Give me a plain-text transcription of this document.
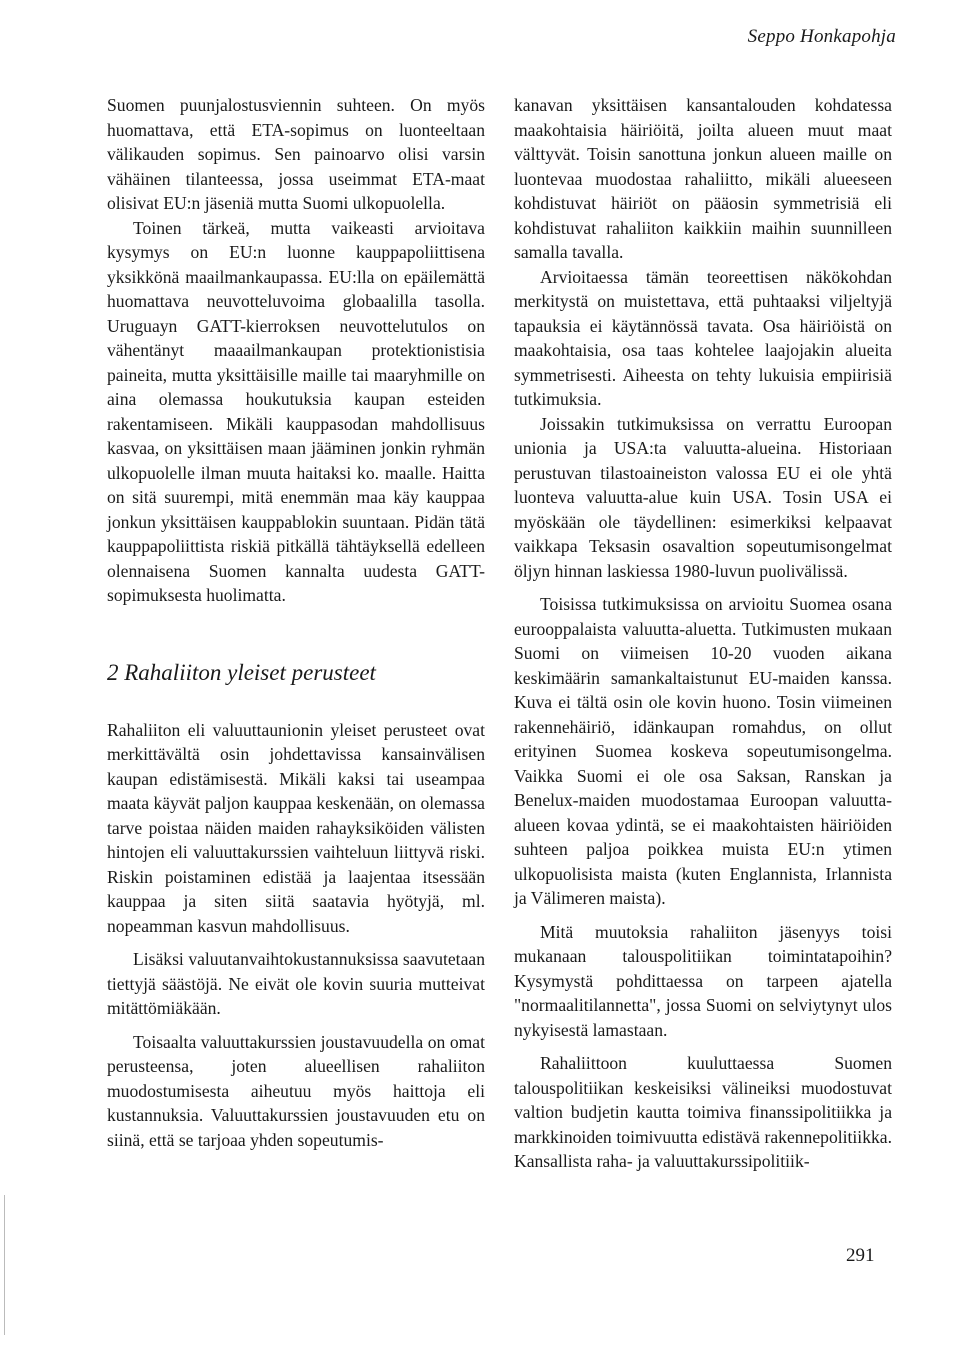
Seppo Honkapohja

Suomen puunjalostusviennin suhteen. On myös huomattava, että ETA-sopimus on luonteeltaan välikauden sopimus. Sen painoarvo olisi varsin vähäinen tilanteessa, jossa useimmat ETA-maat olisivat EU:n jäseniä mutta Suomi ulkopuolella.

Toinen tärkeä, mutta vaikeasti arvioitava kysymys on EU:n luonne kauppapoliittisena yksikkönä maailmankaupassa. EU:lla on epäilemättä huomattava neuvotteluvoima globaalilla tasolla. Uruguayn GATT-kierroksen neuvottelutulos on vähentänyt maaailmankaupan protektionistisia paineita, mutta yksittäisille maille tai maaryhmille on aina olemassa houkutuksia kaupan esteiden rakentamiseen. Mikäli kauppasodan mahdollisuus kasvaa, on yksittäisen maan jääminen jonkin ryhmän ulkopuolelle ilman muuta haitaksi ko. maalle. Haitta on sitä suurempi, mitä enemmän maa käy kauppaa jonkun yksittäisen kauppablokin suuntaan. Pidän tätä kauppapoliittista riskiä pitkällä tähtäyksellä edelleen olennaisena Suomen kannalta uudesta GATT-sopimuksesta huolimatta.

2 Rahaliiton yleiset perusteet

Rahaliiton eli valuuttaunionin yleiset perusteet ovat merkittävältä osin johdettavissa kansainvälisen kaupan edistämisestä. Mikäli kaksi tai useampaa maata käyvät paljon kauppaa keskenään, on olemassa tarve poistaa näiden maiden rahayksiköiden välisten hintojen eli valuuttakurssien vaihteluun liittyvä riski. Riskin poistaminen edistää ja laajentaa itsessään kauppaa ja siten siitä saatavia hyötyjä, ml. nopeamman kasvun mahdollisuus.

Lisäksi valuutanvaihtokustannuksissa saavutetaan tiettyjä säästöjä. Ne eivät ole kovin suuria mutteivat mitättömiäkään.

Toisaalta valuuttakurssien joustavuudella on omat perusteensa, joten alueellisen rahaliiton muodostumisesta aiheutuu myös haittoja eli kustannuksia. Valuuttakurssien joustavuuden etu on siinä, että se tarjoaa yhden sopeutumis-

kanavan yksittäisen kansantalouden kohdatessa maakohtaisia häiriöitä, joilta alueen muut maat välttyvät. Toisin sanottuna jonkun alueen maille on luontevaa muodostaa rahaliitto, mikäli alueeseen kohdistuvat häiriöt on pääosin symmetrisiä eli kohdistuvat rahaliiton kaikkiin maihin suunnilleen samalla tavalla.

Arvioitaessa tämän teoreettisen näkökohdan merkitystä on muistettava, että puhtaaksi viljeltyjä tapauksia ei käytännössä tavata. Osa häiriöistä on maakohtaisia, osa taas kohtelee laajojakin alueita symmetrisesti. Aiheesta on tehty lukuisia empiirisiä tutkimuksia.

Joissakin tutkimuksissa on verrattu Euroopan unionia ja USA:ta valuutta-alueina. Historiaan perustuvan tilastoaineiston valossa EU ei ole yhtä luonteva valuutta-alue kuin USA. Tosin USA ei myöskään ole täydellinen: esimerkiksi kelpaavat vaikkapa Teksasin osavaltion sopeutumisongelmat öljyn hinnan laskiessa 1980-luvun puolivälissä.

Toisissa tutkimuksissa on arvioitu Suomea osana eurooppalaista valuutta-aluetta. Tutkimusten mukaan Suomi on viimeisen 10-20 vuoden aikana keskimäärin samankaltaistunut EU-maiden kanssa. Kuva ei tältä osin ole kovin huono. Tosin viimeinen rakennehäiriö, idänkaupan romahdus, on ollut erityinen Suomea koskeva sopeutumisongelma. Vaikka Suomi ei ole osa Saksan, Ranskan ja Benelux-maiden muodostamaa Euroopan valuutta-alueen kovaa ydintä, se ei maakohtaisten häiriöiden suhteen paljoa poikkea muista EU:n ytimen ulkopuolisista maista (kuten Englannista, Irlannista ja Välimeren maista).

Mitä muutoksia rahaliiton jäsenyys toisi mukanaan talouspolitiikan toimintatapoihin? Kysymystä pohdittaessa on tarpeen ajatella "normaalitilannetta", jossa Suomi on selviytynyt ulos nykyisestä lamastaan.

Rahaliittoon kuuluttaessa Suomen talouspolitiikan keskeisiksi välineiksi muodostuvat valtion budjetin kautta toimiva finanssipolitiikka ja markkinoiden toimivuutta edistävä rakennepolitiikka. Kansallista raha- ja valuuttakurssipolitiik-

291
